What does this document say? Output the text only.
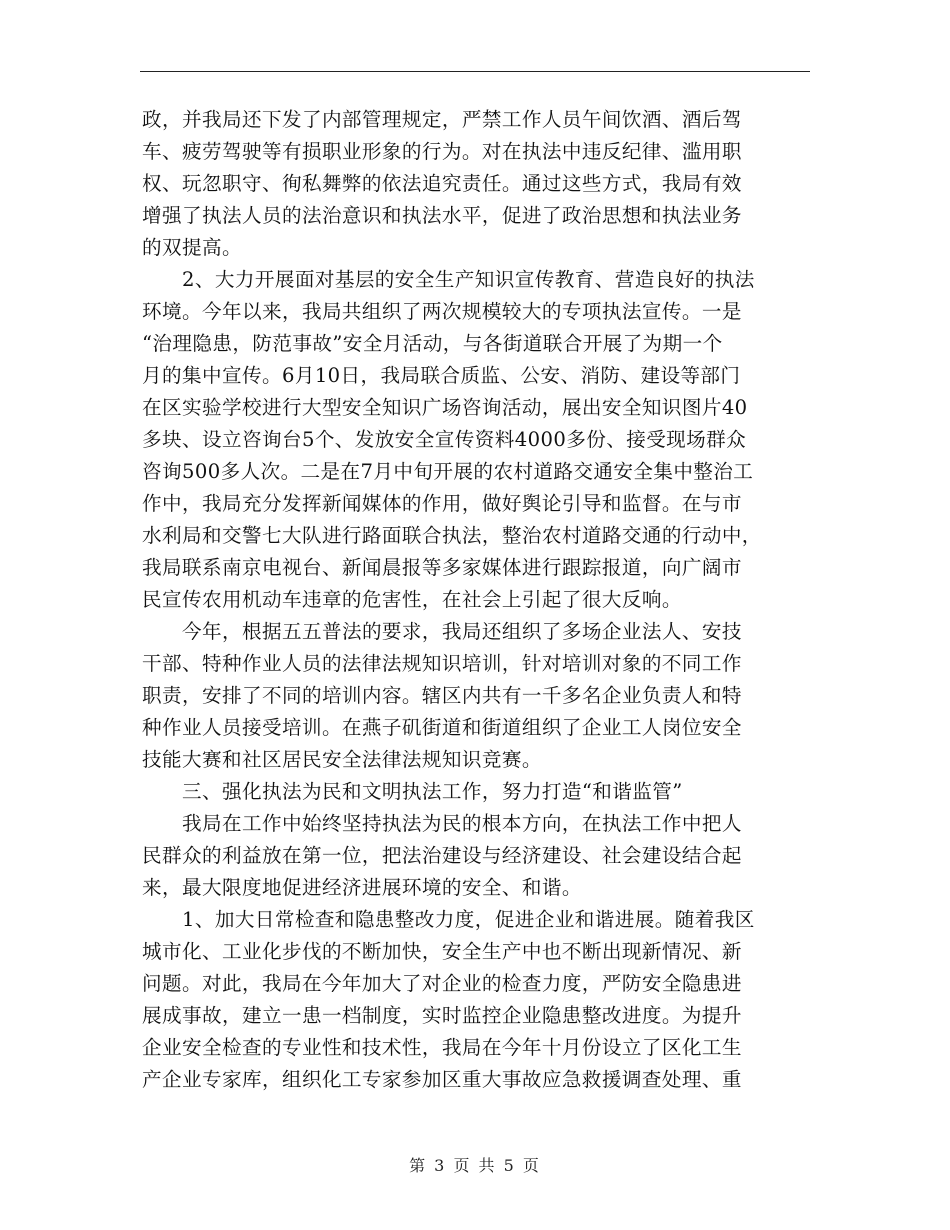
政，并我局还下发了内部管理规定，严禁工作人员午间饮酒、酒后驾
车、疲劳驾驶等有损职业形象的行为。对在执法中违反纪律、滥用职
权、玩忽职守、徇私舞弊的依法追究责任。通过这些方式，我局有效
增强了执法人员的法治意识和执法水平，促进了政治思想和执法业务
的双提高。
2、大力开展面对基层的安全生产知识宣传教育、营造良好的执法
环境。今年以来，我局共组织了两次规模较大的专项执法宣传。一是
“治理隐患，防范事故”安全月活动，与各街道联合开展了为期一个
月的集中宣传。6月10日，我局联合质监、公安、消防、建设等部门
在区实验学校进行大型安全知识广场咨询活动，展出安全知识图片40
多块、设立咨询台5个、发放安全宣传资料4000多份、接受现场群众
咨询500多人次。二是在7月中旬开展的农村道路交通安全集中整治工
作中，我局充分发挥新闻媒体的作用，做好舆论引导和监督。在与市
水利局和交警七大队进行路面联合执法，整治农村道路交通的行动中，
我局联系南京电视台、新闻晨报等多家媒体进行跟踪报道，向广阔市
民宣传农用机动车违章的危害性，在社会上引起了很大反响。
今年，根据五五普法的要求，我局还组织了多场企业法人、安技
干部、特种作业人员的法律法规知识培训，针对培训对象的不同工作
职责，安排了不同的培训内容。辖区内共有一千多名企业负责人和特
种作业人员接受培训。在燕子矶街道和街道组织了企业工人岗位安全
技能大赛和社区居民安全法律法规知识竞赛。
三、强化执法为民和文明执法工作，努力打造“和谐监管”
我局在工作中始终坚持执法为民的根本方向，在执法工作中把人
民群众的利益放在第一位，把法治建设与经济建设、社会建设结合起
来，最大限度地促进经济进展环境的安全、和谐。
1、加大日常检查和隐患整改力度，促进企业和谐进展。随着我区
城市化、工业化步伐的不断加快，安全生产中也不断出现新情况、新
问题。对此，我局在今年加大了对企业的检查力度，严防安全隐患进
展成事故，建立一患一档制度，实时监控企业隐患整改进度。为提升
企业安全检查的专业性和技术性，我局在今年十月份设立了区化工生
产企业专家库，组织化工专家参加区重大事故应急救援调查处理、重
第 3 页 共 5 页
